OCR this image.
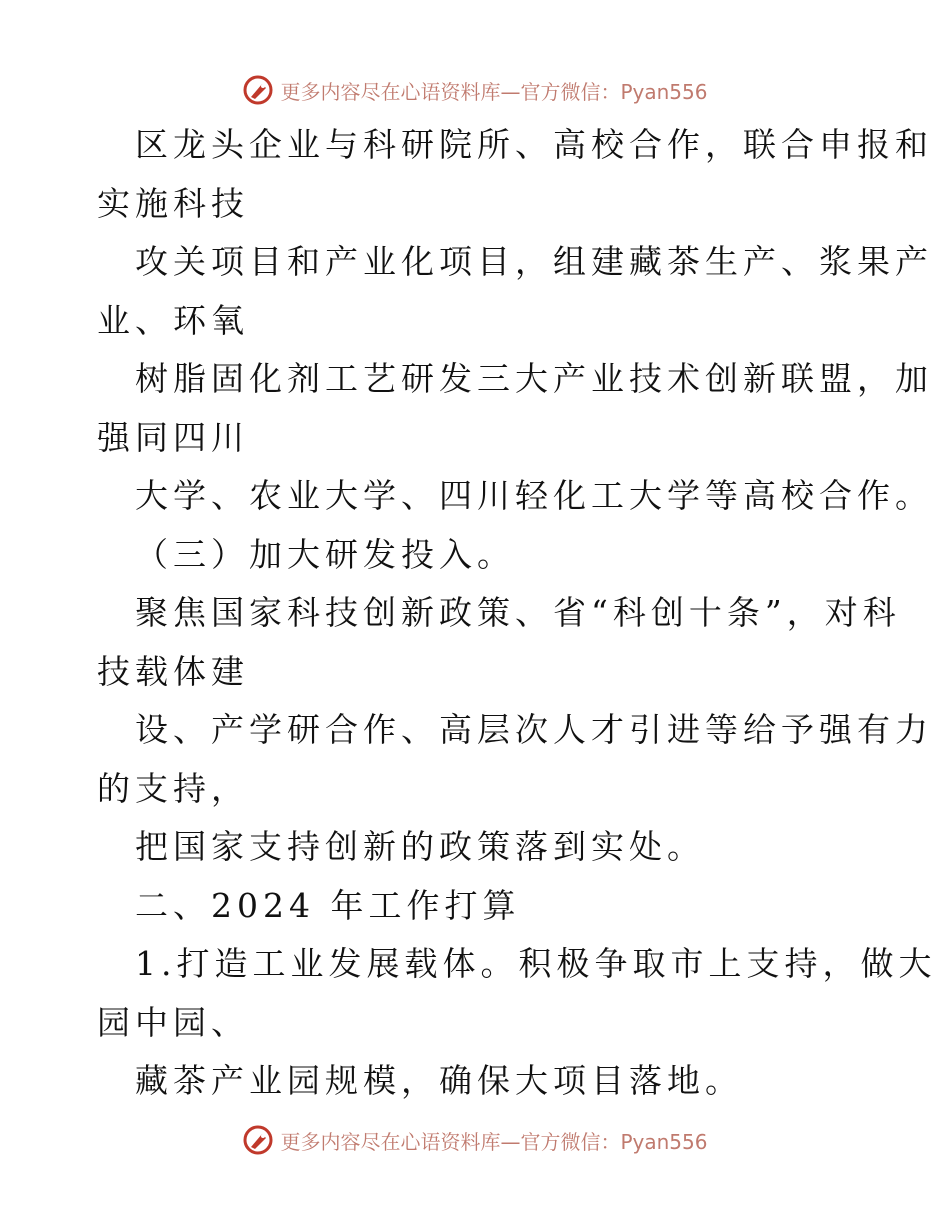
更多内容尽在心语资料库—官方微信：Pyan556
区龙头企业与科研院所、高校合作，联合申报和
实施科技
攻关项目和产业化项目，组建藏茶生产、浆果产
业、环氧
树脂固化剂工艺研发三大产业技术创新联盟，加
强同四川
大学、农业大学、四川轻化工大学等高校合作。
（三）加大研发投入。
聚焦国家科技创新政策、省“科创十条”，对科
技载体建
设、产学研合作、高层次人才引进等给予强有力
的支持，
把国家支持创新的政策落到实处。
二、2024 年工作打算
1.打造工业发展载体。积极争取市上支持，做大
园中园、
藏茶产业园规模，确保大项目落地。
更多内容尽在心语资料库—官方微信：Pyan556
